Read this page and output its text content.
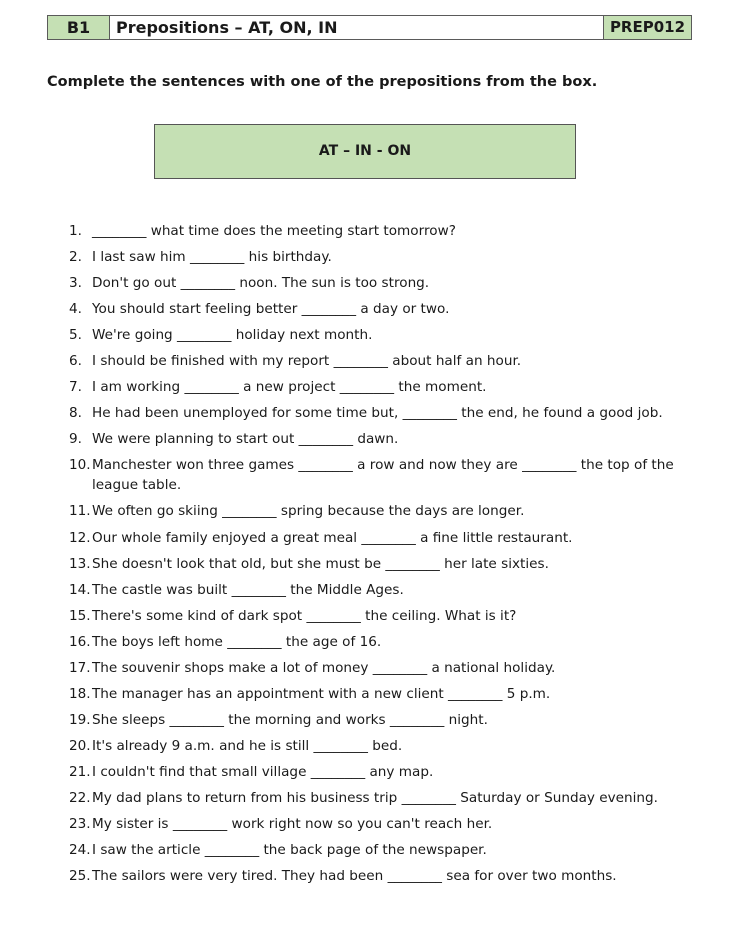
B1	Prepositions – AT, ON, IN	PREP012
Complete the sentences with one of the prepositions from the box.
AT – IN - ON
1. ________ what time does the meeting start tomorrow?
2. I last saw him ________ his birthday.
3. Don't go out ________ noon. The sun is too strong.
4. You should start feeling better ________ a day or two.
5. We're going ________ holiday next month.
6. I should be finished with my report ________ about half an hour.
7. I am working ________ a new project ________ the moment.
8. He had been unemployed for some time but, ________ the end, he found a good job.
9. We were planning to start out ________ dawn.
10. Manchester won three games ________ a row and now they are ________ the top of the league table.
11. We often go skiing ________ spring because the days are longer.
12. Our whole family enjoyed a great meal ________ a fine little restaurant.
13. She doesn't look that old, but she must be ________ her late sixties.
14. The castle was built ________ the Middle Ages.
15. There's some kind of dark spot ________ the ceiling. What is it?
16. The boys left home ________ the age of 16.
17. The souvenir shops make a lot of money ________ a national holiday.
18. The manager has an appointment with a new client ________ 5 p.m.
19. She sleeps ________ the morning and works ________ night.
20. It's already 9 a.m. and he is still ________ bed.
21. I couldn't find that small village ________ any map.
22. My dad plans to return from his business trip ________ Saturday or Sunday evening.
23. My sister is ________ work right now so you can't reach her.
24. I saw the article ________ the back page of the newspaper.
25. The sailors were very tired. They had been ________ sea for over two months.
